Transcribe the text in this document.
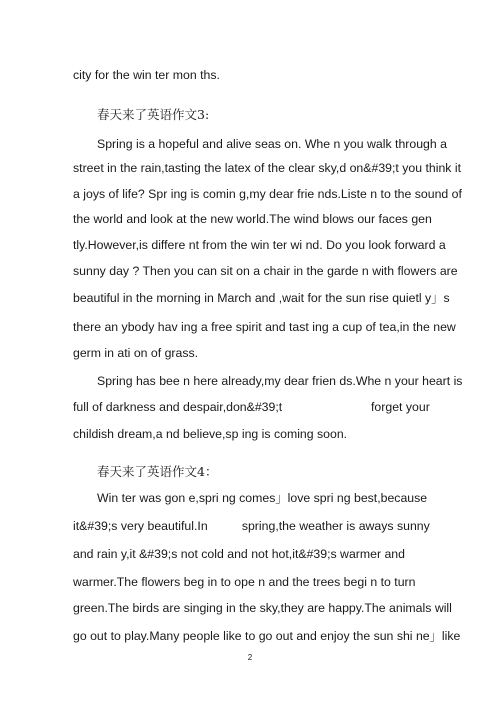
city for the win ter mon ths.
春天来了英语作文3:
Spring is a hopeful and alive seas on. Whe n you walk through a
street in the rain,tasting the latex of the clear sky,d on&#39;t you think it
a joys of life? Spr ing is comin g,my dear frie nds.Liste n to the sound of
the world and look at the new world.The wind blows our faces gen
tly.However,is differe nt from the win ter wi nd. Do you look forward a
sunny day ? Then you can sit on a chair in the garde n with flowers are
beautiful in the morning in March and ,wait for the sun rise quietl y」s
there an ybody hav ing a free spirit and tast ing a cup of tea,in the new
germ in ati on of grass.
Spring has bee n here already,my dear frien ds.Whe n your heart is
full of darkness and despair,don&#39;t                          forget your
childish dream,a nd believe,sp ing is coming soon.
春天来了英语作文4：
Win ter was gon e,spri ng comes」love spri ng best,because
it&#39;s very beautiful.In          spring,the weather is aways sunny
and rain y,it &#39;s not cold and not hot,it&#39;s warmer and
warmer.The flowers beg in to ope n and the trees begi n to turn
green.The birds are singing in the sky,they are happy.The animals will
go out to play.Many people like to go out and enjoy the sun shi ne」like
2
